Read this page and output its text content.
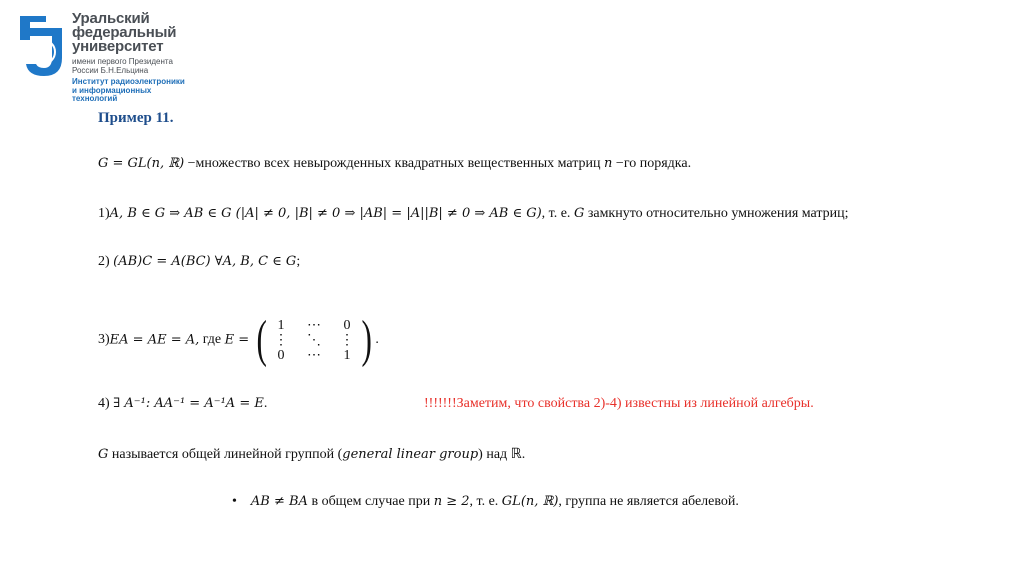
Уральский
федеральный
университет
имени первого Президента
России Б.Н.Ельцина
Институт радиоэлектроники
и информационных
технологий
Пример 11.
G = GL(n, ℝ) −множество всех невырожденных квадратных вещественных матриц n −го порядка.
1)A, B ∈ G ⇒ AB ∈ G (|A| ≠ 0, |B| ≠ 0 ⇒ |AB| = |A||B| ≠ 0 ⇒ AB ∈ G), т. е. G замкнуто относительно умножения матриц;
2) (AB)C = A(BC) ∀A, B, C ∈ G;
3)EA = AE = A, где E = ( 1	⋯	0
⋮	⋱	⋮
0	⋯	1 ) .
4) ∃ A⁻¹: AA⁻¹ = A⁻¹A = E.	!!!!!!!Заметим, что свойства 2)-4) известны из линейной алгебры.
G называется общей линейной группой (general linear group) над ℝ.
• AB ≠ BA в общем случае при n ≥ 2, т. е. GL(n, ℝ), группа не является абелевой.
